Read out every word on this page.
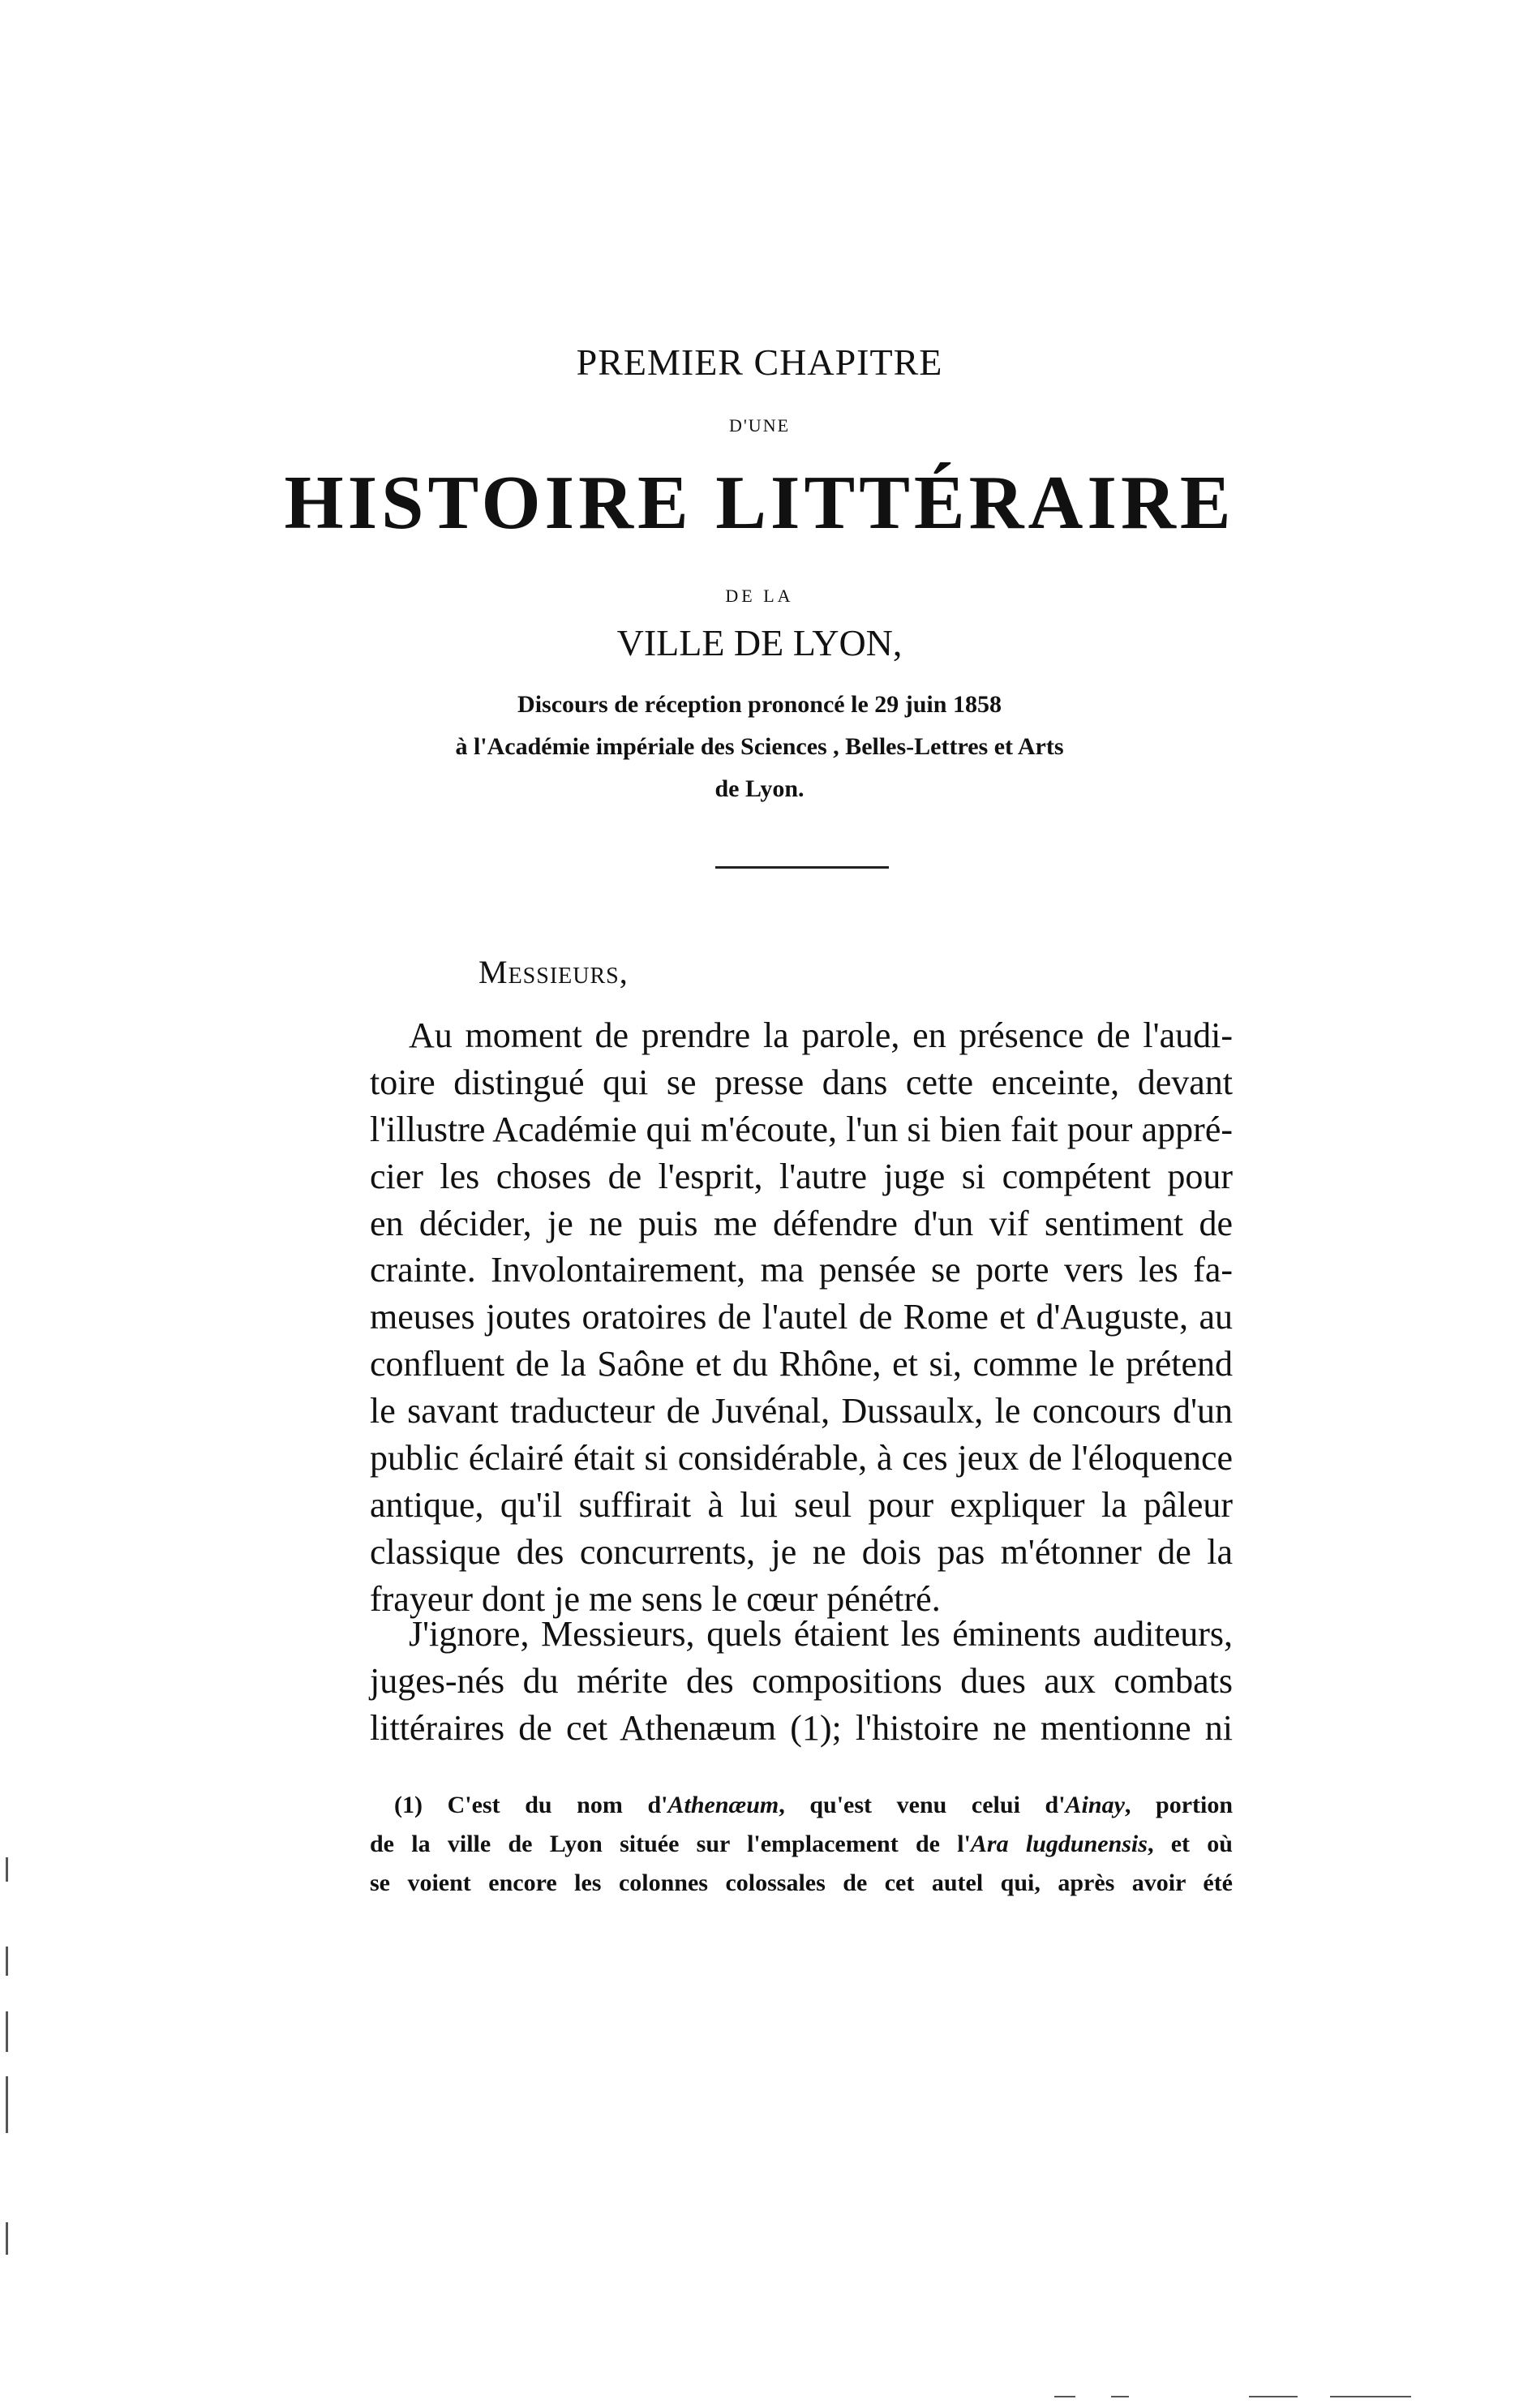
PREMIER CHAPITRE
D'UNE
HISTOIRE LITTÉRAIRE
DE LA
VILLE DE LYON,
Discours de réception prononcé le 29 juin 1858
à l'Académie impériale des Sciences , Belles-Lettres et Arts
de Lyon.
Messieurs,
Au moment de prendre la parole, en présence de l'audi-
toire distingué qui se presse dans cette enceinte, devant
l'illustre Académie qui m'écoute, l'un si bien fait pour appré-
cier les choses de l'esprit, l'autre juge si compétent pour
en décider, je ne puis me défendre d'un vif sentiment de
crainte. Involontairement, ma pensée se porte vers les fa-
meuses joutes oratoires de l'autel de Rome et d'Auguste, au
confluent de la Saône et du Rhône, et si, comme le prétend
le savant traducteur de Juvénal, Dussaulx, le concours d'un
public éclairé était si considérable, à ces jeux de l'éloquence
antique, qu'il suffirait à lui seul pour expliquer la pâleur
classique des concurrents, je ne dois pas m'étonner de la
frayeur dont je me sens le cœur pénétré.
J'ignore, Messieurs, quels étaient les éminents auditeurs,
juges-nés du mérite des compositions dues aux combats
littéraires de cet Athenæum (1); l'histoire ne mentionne ni
(1) C'est du nom d'Athenæum, qu'est venu celui d'Ainay, portion
de la ville de Lyon située sur l'emplacement de l'Ara lugdunensis, et où
se voient encore les colonnes colossales de cet autel qui, après avoir été
